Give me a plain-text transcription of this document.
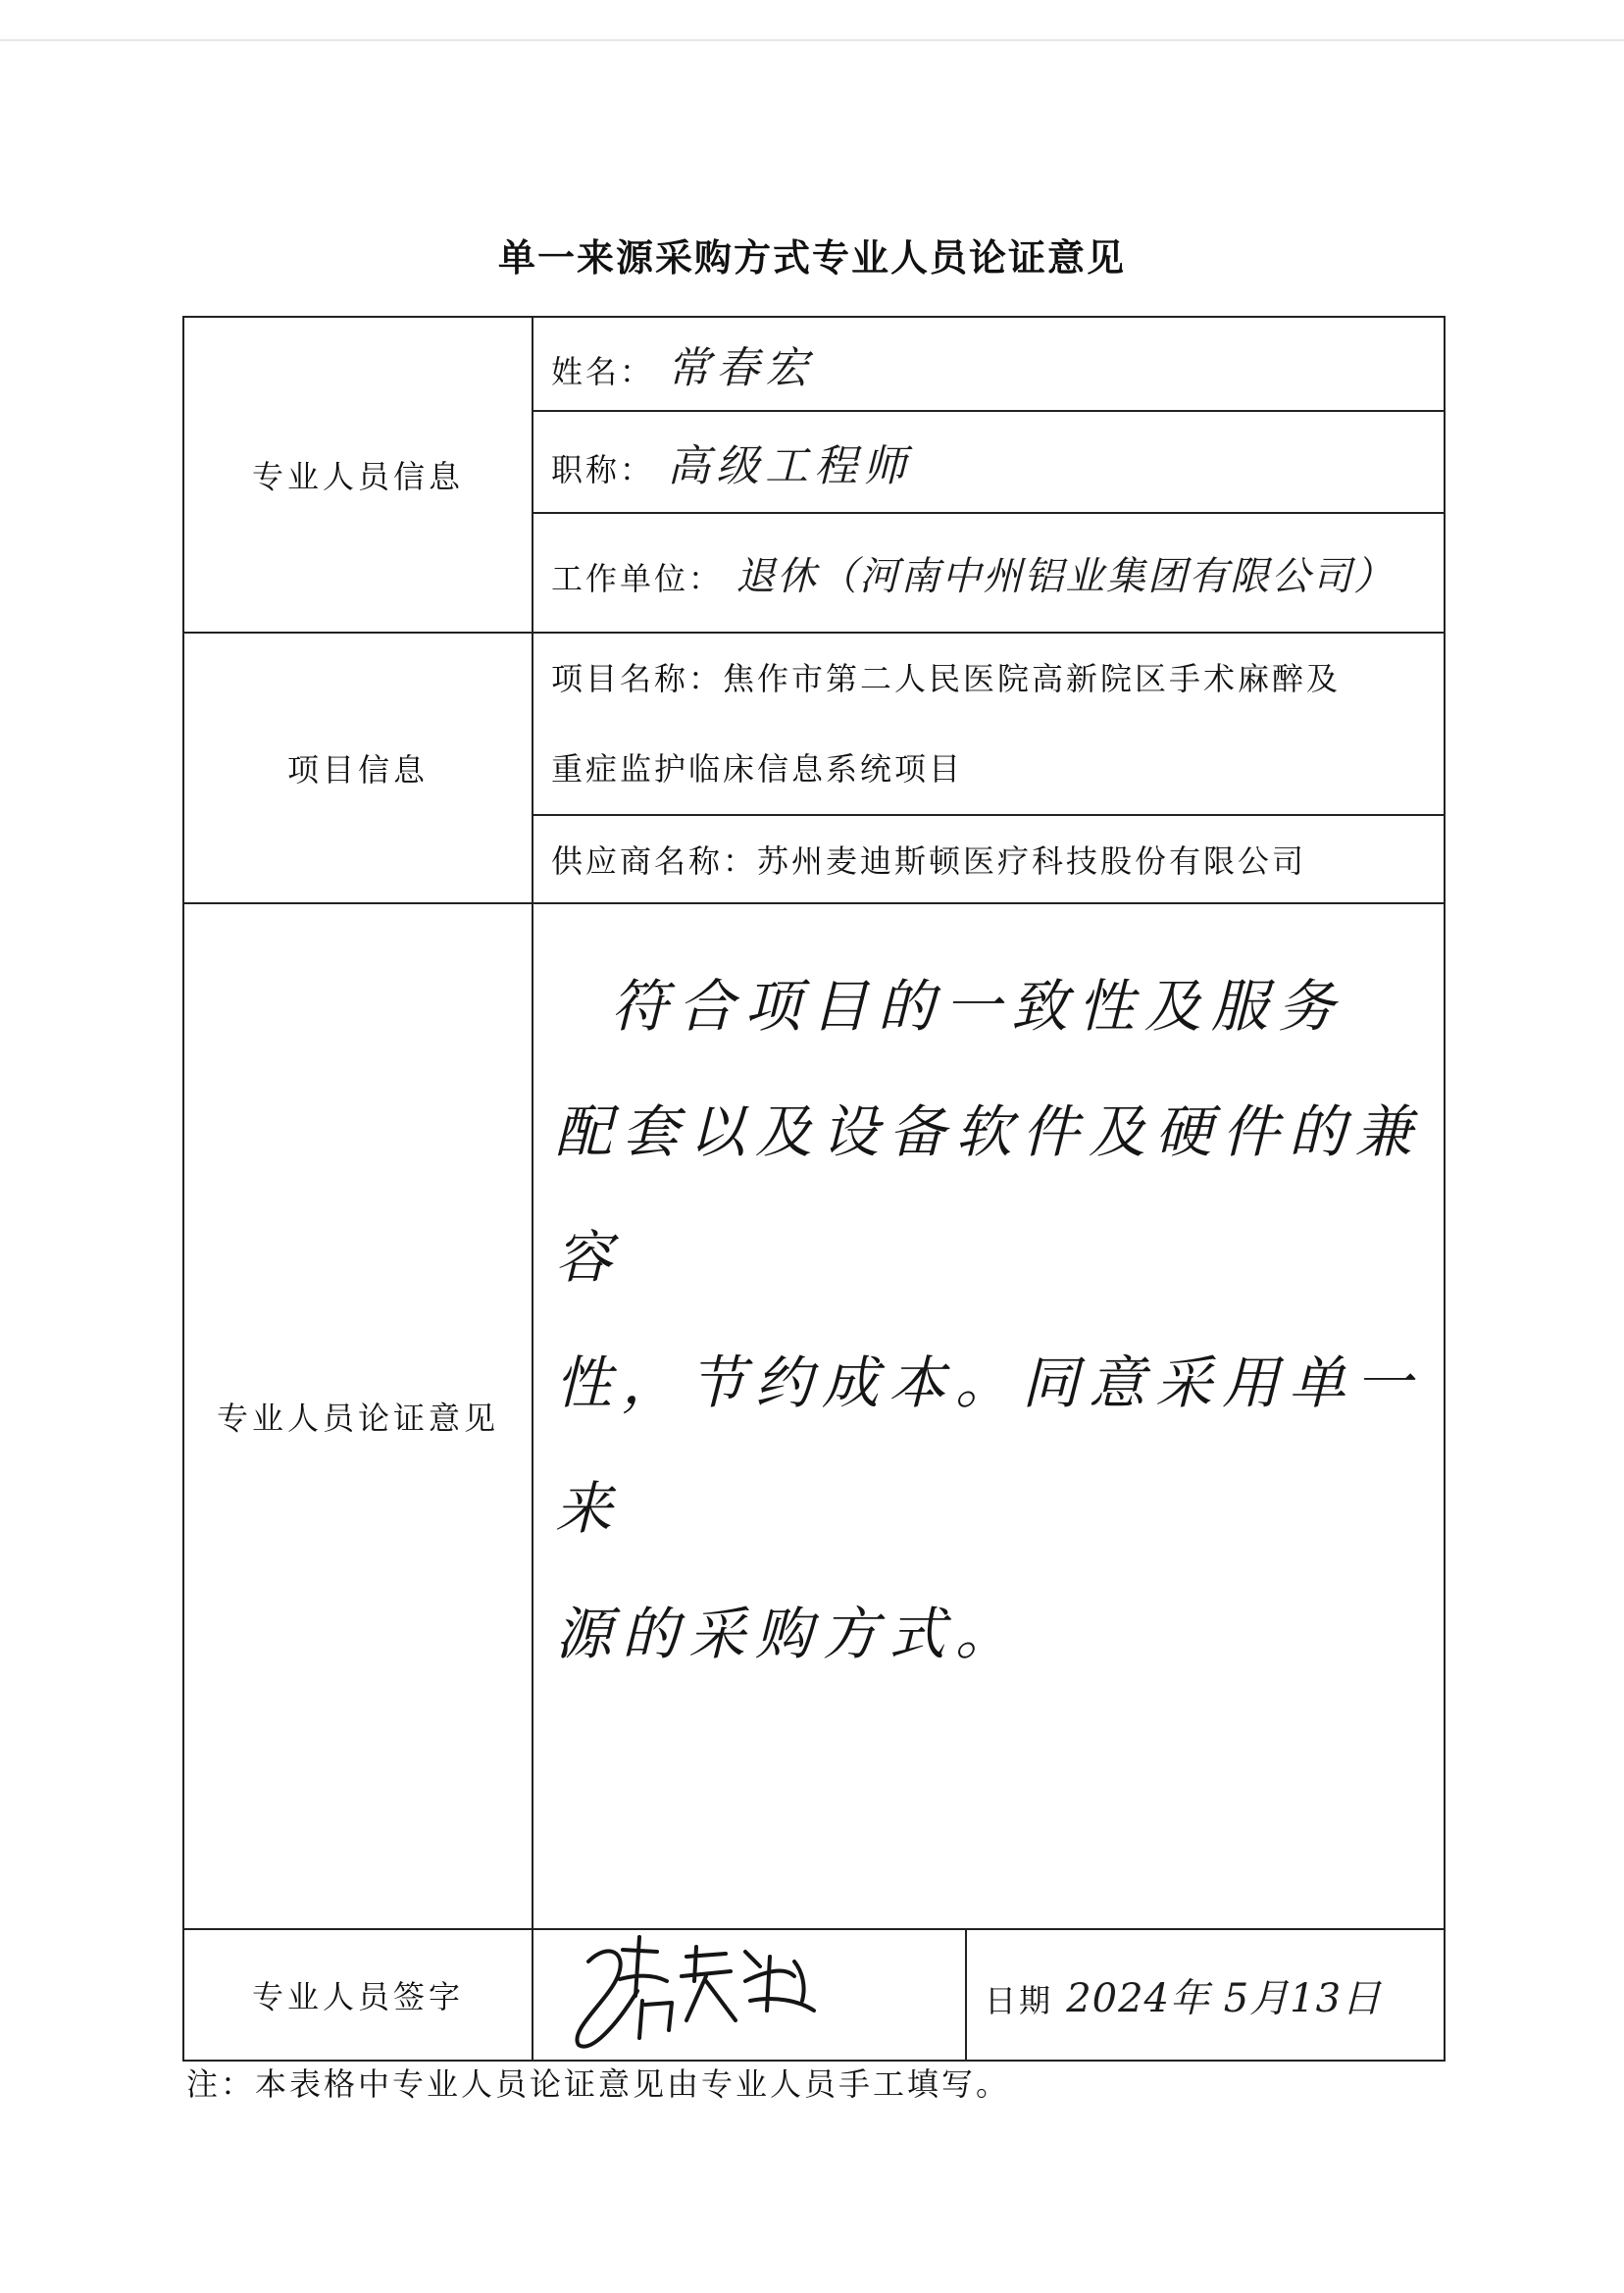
单一来源采购方式专业人员论证意见
专业人员信息	姓名： 常春宏	
	职称： 高级工程师	
	工作单位： 退休（河南中州铝业集团有限公司）	
项目信息	项目名称：焦作市第二人民医院高新院区手术麻醉及
重症监护临床信息系统项目	

	供应商名称：苏州麦迪斯顿医疗科技股份有限公司	
专业人员论证意见	符合项目的一致性及服务
配套以及设备软件及硬件的兼容
性，节约成本。同意采用单一来
源的采购方式。	

专业人员签字		日期 2024年 5月13日
注：本表格中专业人员论证意见由专业人员手工填写。
